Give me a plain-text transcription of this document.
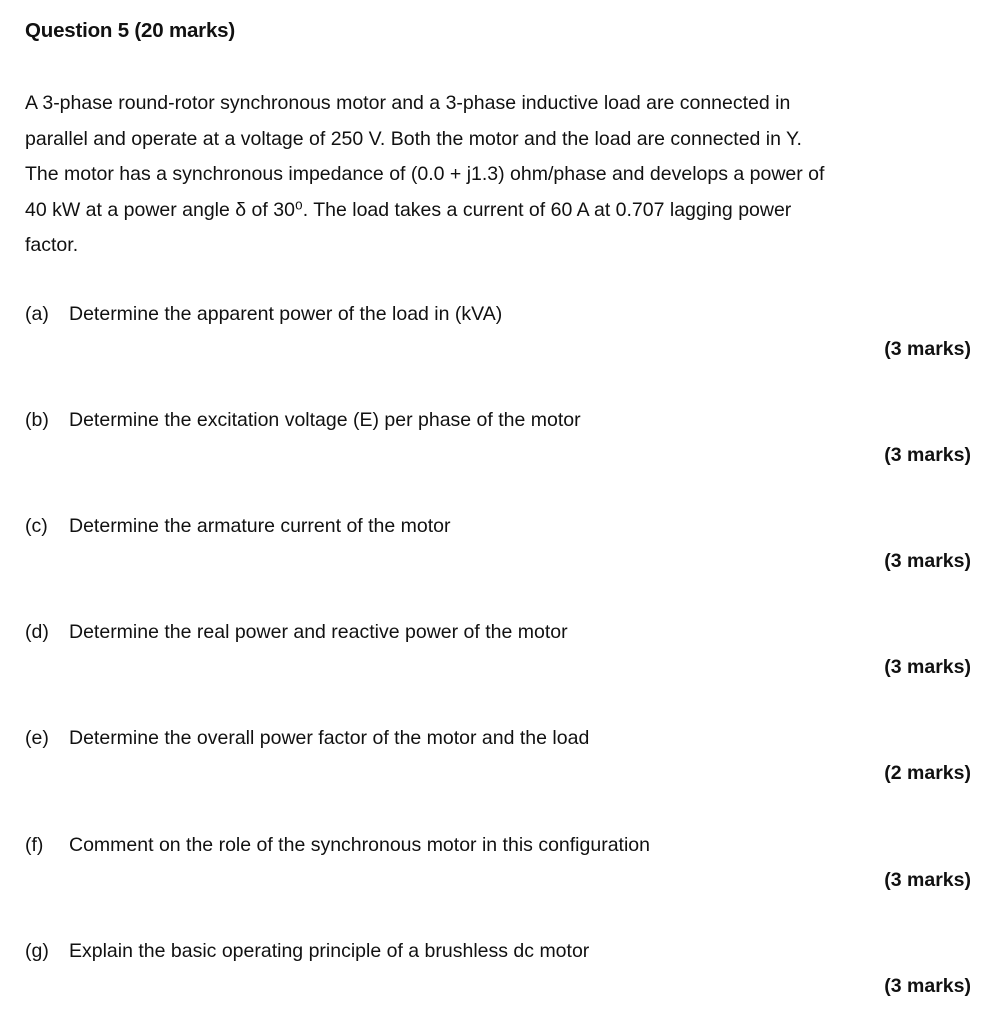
Question 5 (20 marks)
A 3-phase round-rotor synchronous motor and a 3-phase inductive load are connected in
parallel and operate at a voltage of 250 V. Both the motor and the load are connected in Y.
The motor has a synchronous impedance of (0.0 + j1.3) ohm/phase and develops a power of
40 kW at a power angle δ of 30⁰. The load takes a current of 60 A at 0.707 lagging power
factor.
(a) Determine the apparent power of the load in (kVA)
(3 marks)
(b) Determine the excitation voltage (E) per phase of the motor
(3 marks)
(c) Determine the armature current of the motor
(3 marks)
(d) Determine the real power and reactive power of the motor
(3 marks)
(e) Determine the overall power factor of the motor and the load
(2 marks)
(f) Comment on the role of the synchronous motor in this configuration
(3 marks)
(g) Explain the basic operating principle of a brushless dc motor
(3 marks)
